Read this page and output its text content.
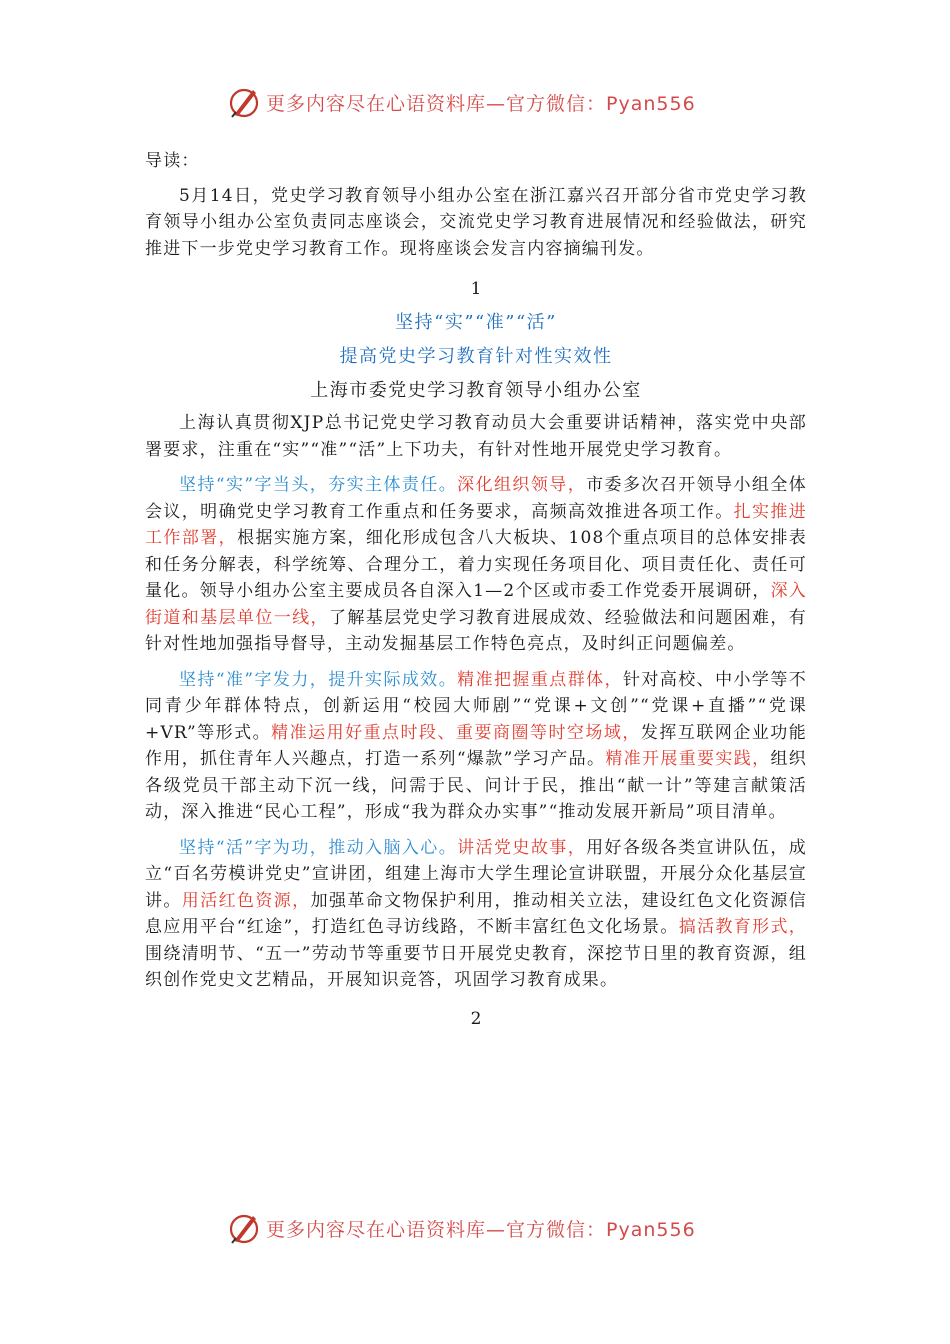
更多内容尽在心语资料库—官方微信：Pyan556

导读：

5月14日，党史学习教育领导小组办公室在浙江嘉兴召开部分省市党史学习教育领导小组办公室负责同志座谈会，交流党史学习教育进展情况和经验做法，研究推进下一步党史学习教育工作。现将座谈会发言内容摘编刊发。

1
坚持“实”“准”“活”
提高党史学习教育针对性实效性
上海市委党史学习教育领导小组办公室

上海认真贯彻XJP总书记党史学习教育动员大会重要讲话精神，落实党中央部署要求，注重在“实”“准”“活”上下功夫，有针对性地开展党史学习教育。

坚持“实”字当头，夯实主体责任。深化组织领导，市委多次召开领导小组全体会议，明确党史学习教育工作重点和任务要求，高频高效推进各项工作。扎实推进工作部署，根据实施方案，细化形成包含八大板块、108个重点项目的总体安排表和任务分解表，科学统筹、合理分工，着力实现任务项目化、项目责任化、责任可量化。领导小组办公室主要成员各自深入1—2个区或市委工作党委开展调研，深入街道和基层单位一线，了解基层党史学习教育进展成效、经验做法和问题困难，有针对性地加强指导督导，主动发掘基层工作特色亮点，及时纠正问题偏差。

坚持“准”字发力，提升实际成效。精准把握重点群体，针对高校、中小学等不同青少年群体特点，创新运用“校园大师剧”“党课+文创”“党课+直播”“党课+VR”等形式。精准运用好重点时段、重要商圈等时空场域，发挥互联网企业功能作用，抓住青年人兴趣点，打造一系列“爆款”学习产品。精准开展重要实践，组织各级党员干部主动下沉一线，问需于民、问计于民，推出“献一计”等建言献策活动，深入推进“民心工程”，形成“我为群众办实事”“推动发展开新局”项目清单。

坚持“活”字为功，推动入脑入心。讲活党史故事，用好各级各类宣讲队伍，成立“百名劳模讲党史”宣讲团，组建上海市大学生理论宣讲联盟，开展分众化基层宣讲。用活红色资源，加强革命文物保护利用，推动相关立法，建设红色文化资源信息应用平台“红途”，打造红色寻访线路，不断丰富红色文化场景。搞活教育形式，围绕清明节、“五一”劳动节等重要节日开展党史教育，深挖节日里的教育资源，组织创作党史文艺精品，开展知识竞答，巩固学习教育成果。

2
更多内容尽在心语资料库—官方微信：Pyan556
